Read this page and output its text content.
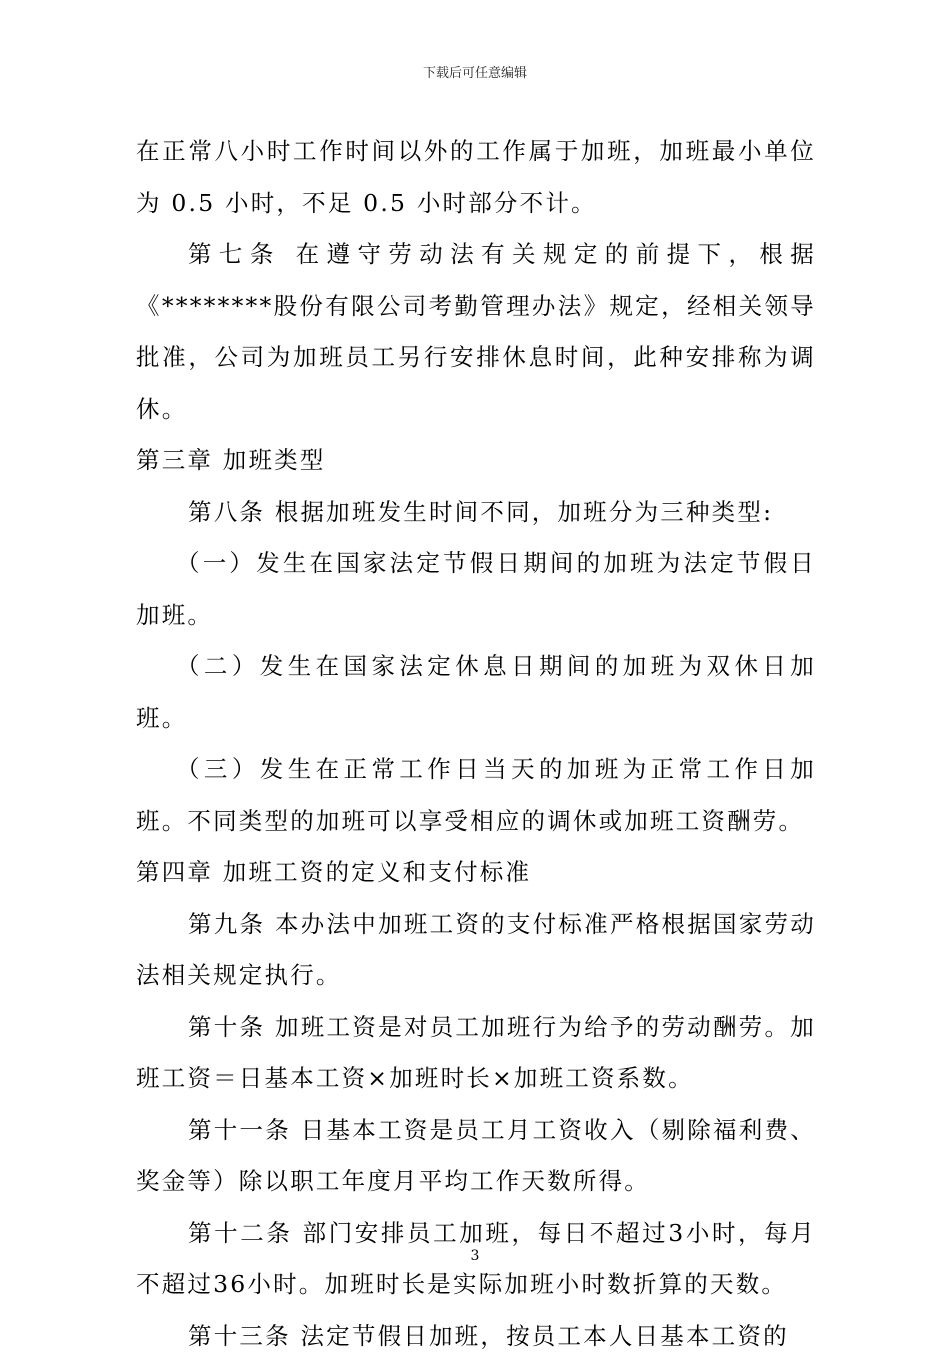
下载后可任意编辑

在正常八小时工作时间以外的工作属于加班，加班最小单位为 0.5 小时，不足 0.5 小时部分不计。

第七条 在遵守劳动法有关规定的前提下，根据《********股份有限公司考勤管理办法》规定，经相关领导批准，公司为加班员工另行安排休息时间，此种安排称为调休。

第三章 加班类型

第八条 根据加班发生时间不同，加班分为三种类型:

（一）发生在国家法定节假日期间的加班为法定节假日加班。

（二）发生在国家法定休息日期间的加班为双休日加班。

（三）发生在正常工作日当天的加班为正常工作日加班。不同类型的加班可以享受相应的调休或加班工资酬劳。

第四章 加班工资的定义和支付标准

第九条 本办法中加班工资的支付标准严格根据国家劳动法相关规定执行。

第十条 加班工资是对员工加班行为给予的劳动酬劳。加班工资＝日基本工资×加班时长×加班工资系数。

第十一条 日基本工资是员工月工资收入（剔除福利费、奖金等）除以职工年度月平均工作天数所得。

第十二条 部门安排员工加班，每日不超过3小时，每月不超过36小时。加班时长是实际加班小时数折算的天数。

第十三条 法定节假日加班，按员工本人日基本工资的

3
